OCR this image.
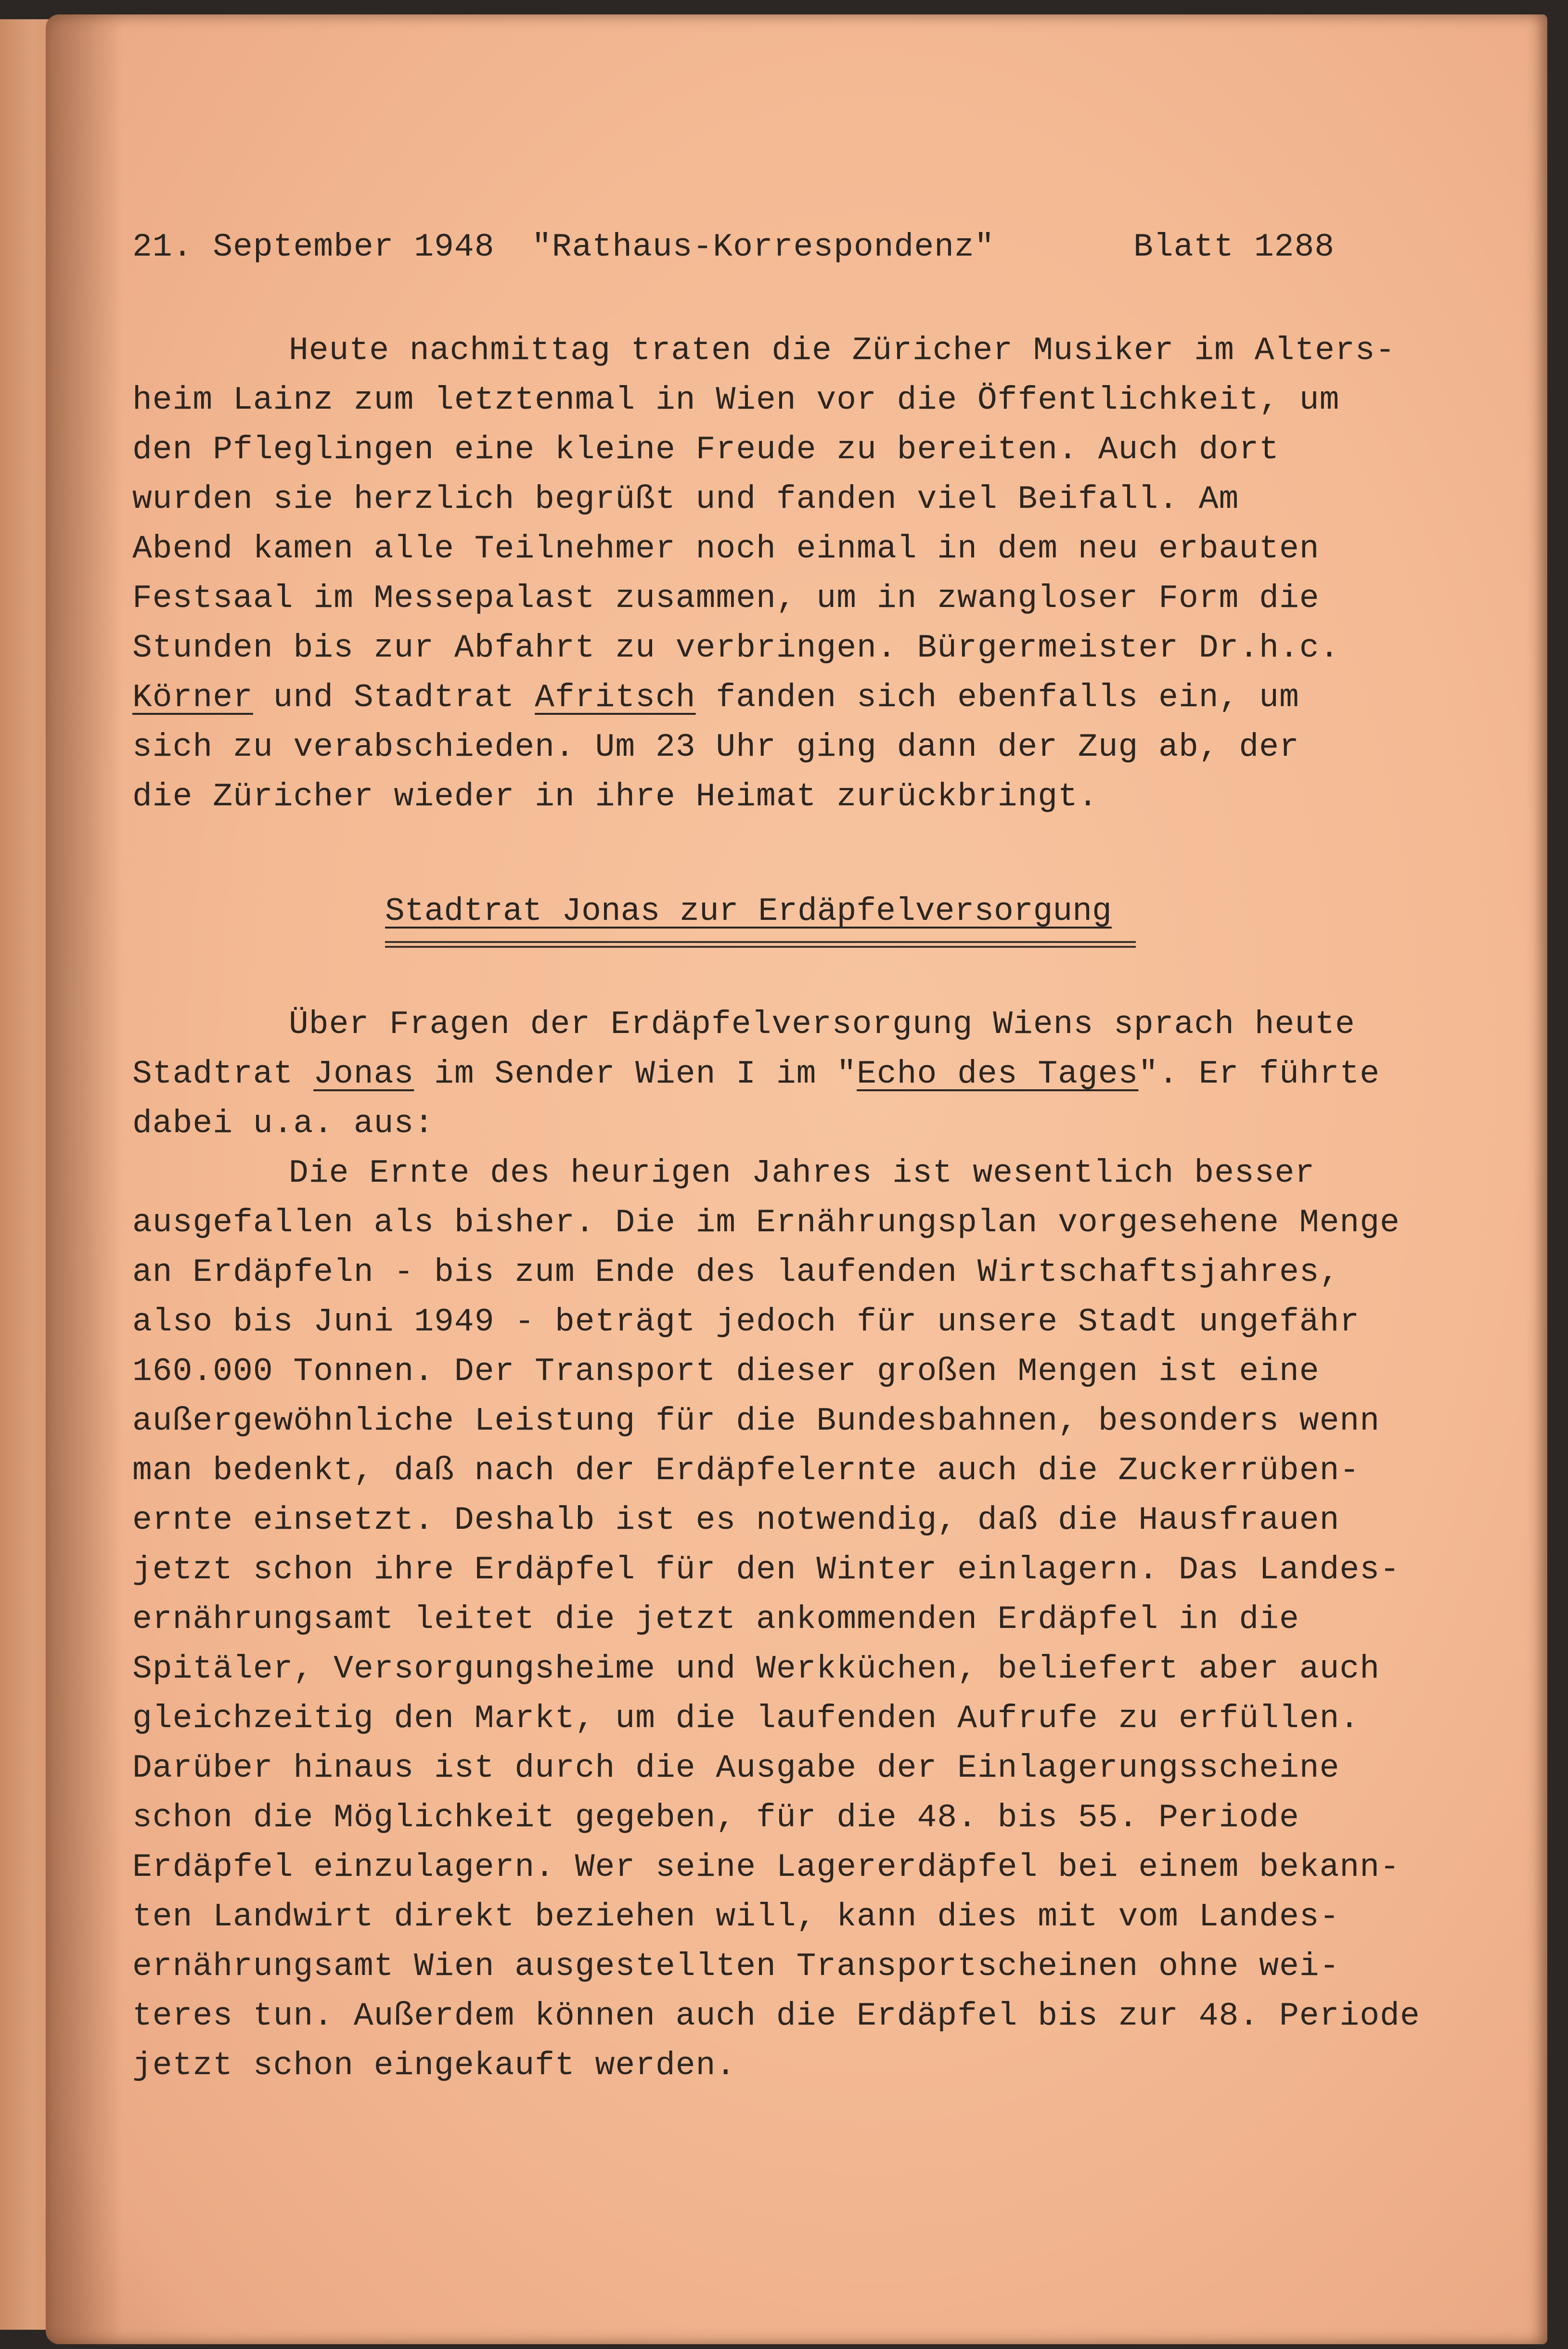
21. September 1948

"Rathaus-Korrespondenz"

	Blatt 1288

Heute nachmittag traten die Züricher Musiker im Alters-
heim Lainz zum letztenmal in Wien vor die Öffentlichkeit, um
den Pfleglingen eine kleine Freude zu bereiten. Auch dort
wurden sie herzlich begrüßt und fanden viel Beifall. Am
Abend kamen alle Teilnehmer noch einmal in dem neu erbauten
Festsaal im Messepalast zusammen, um in zwangloser Form die
Stunden bis zur Abfahrt zu verbringen. Bürgermeister Dr.h.c.
Körner und Stadtrat Afritsch fanden sich ebenfalls ein, um
sich zu verabschieden. Um 23 Uhr ging dann der Zug ab, der
die Züricher wieder in ihre Heimat zurückbringt.
Stadtrat Jonas zur Erdäpfelversorgung
Über Fragen der Erdäpfelversorgung Wiens sprach heute
Stadtrat Jonas im Sender Wien I im "Echo des Tages". Er führte
dabei u.a. aus:
Die Ernte des heurigen Jahres ist wesentlich besser
ausgefallen als bisher. Die im Ernährungsplan vorgesehene Menge
an Erdäpfeln - bis zum Ende des laufenden Wirtschaftsjahres,
also bis Juni 1949 - beträgt jedoch für unsere Stadt ungefähr
160.000 Tonnen. Der Transport dieser großen Mengen ist eine
außergewöhnliche Leistung für die Bundesbahnen, besonders wenn
man bedenkt, daß nach der Erdäpfelernte auch die Zuckerrüben-
ernte einsetzt. Deshalb ist es notwendig, daß die Hausfrauen
jetzt schon ihre Erdäpfel für den Winter einlagern. Das Landes-
ernährungsamt leitet die jetzt ankommenden Erdäpfel in die
Spitäler, Versorgungsheime und Werkküchen, beliefert aber auch
gleichzeitig den Markt, um die laufenden Aufrufe zu erfüllen.
Darüber hinaus ist durch die Ausgabe der Einlagerungsscheine
schon die Möglichkeit gegeben, für die 48. bis 55. Periode
Erdäpfel einzulagern. Wer seine Lagererdäpfel bei einem bekann-
ten Landwirt direkt beziehen will, kann dies mit vom Landes-
ernährungsamt Wien ausgestellten Transportscheinen ohne wei-
teres tun. Außerdem können auch die Erdäpfel bis zur 48. Periode
jetzt schon eingekauft werden.
